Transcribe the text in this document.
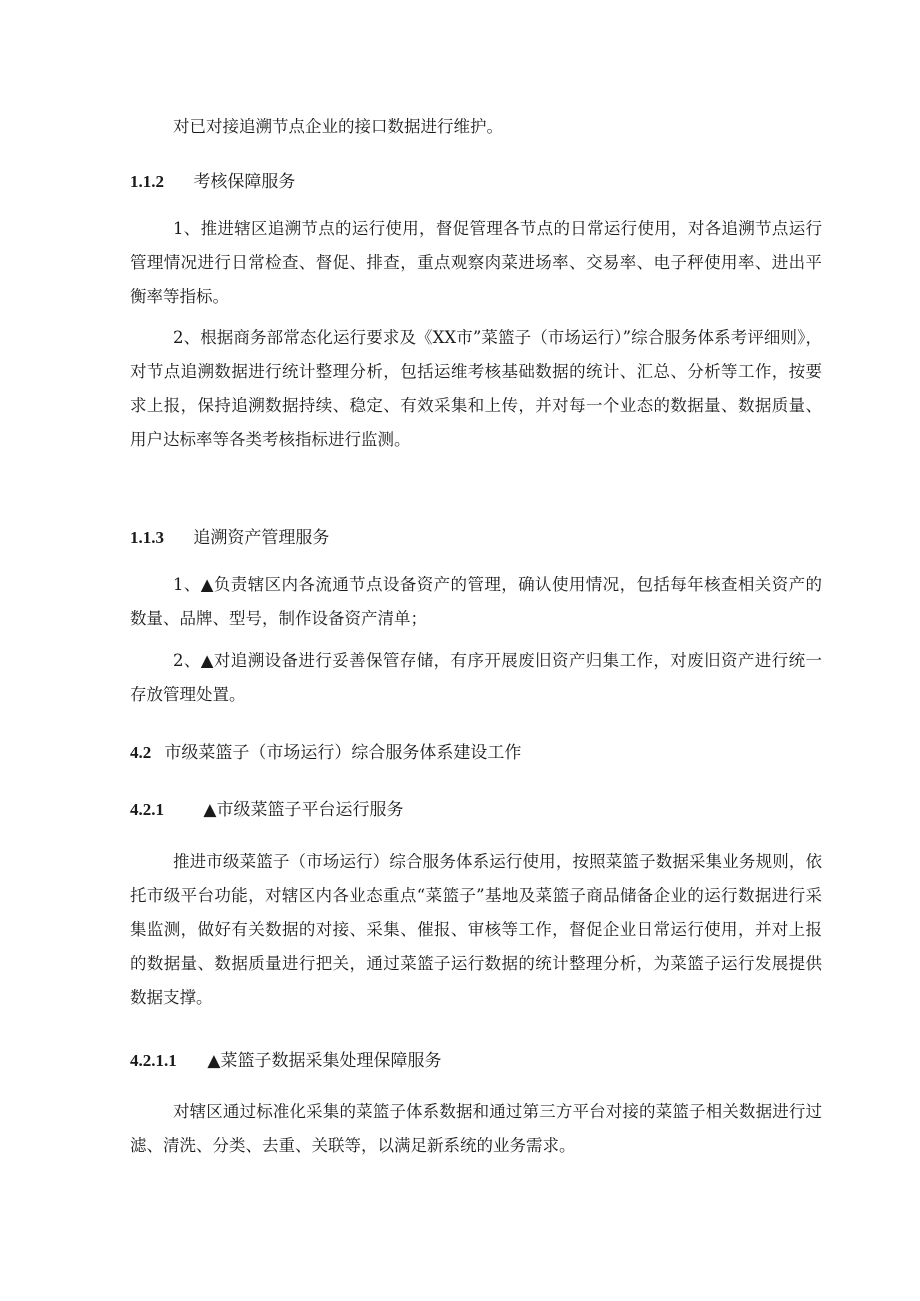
对已对接追溯节点企业的接口数据进行维护。

1.1.2 考核保障服务

1、推进辖区追溯节点的运行使用，督促管理各节点的日常运行使用，对各追溯节点运行管理情况进行日常检查、督促、排查，重点观察肉菜进场率、交易率、电子秤使用率、进出平衡率等指标。

2、根据商务部常态化运行要求及《XX市”菜篮子（市场运行）”综合服务体系考评细则》，对节点追溯数据进行统计整理分析，包括运维考核基础数据的统计、汇总、分析等工作，按要求上报，保持追溯数据持续、稳定、有效采集和上传，并对每一个业态的数据量、数据质量、用户达标率等各类考核指标进行监测。

1.1.3 追溯资产管理服务

1、▲负责辖区内各流通节点设备资产的管理，确认使用情况，包括每年核查相关资产的数量、品牌、型号，制作设备资产清单；

2、▲对追溯设备进行妥善保管存储，有序开展废旧资产归集工作，对废旧资产进行统一存放管理处置。

4.2 市级菜篮子（市场运行）综合服务体系建设工作
4.2.1 ▲市级菜篮子平台运行服务

推进市级菜篮子（市场运行）综合服务体系运行使用，按照菜篮子数据采集业务规则，依托市级平台功能，对辖区内各业态重点“菜篮子”基地及菜篮子商品储备企业的运行数据进行采集监测，做好有关数据的对接、采集、催报、审核等工作，督促企业日常运行使用，并对上报的数据量、数据质量进行把关，通过菜篮子运行数据的统计整理分析，为菜篮子运行发展提供数据支撑。

4.2.1.1 ▲菜篮子数据采集处理保障服务

对辖区通过标准化采集的菜篮子体系数据和通过第三方平台对接的菜篮子相关数据进行过滤、清洗、分类、去重、关联等，以满足新系统的业务需求。
